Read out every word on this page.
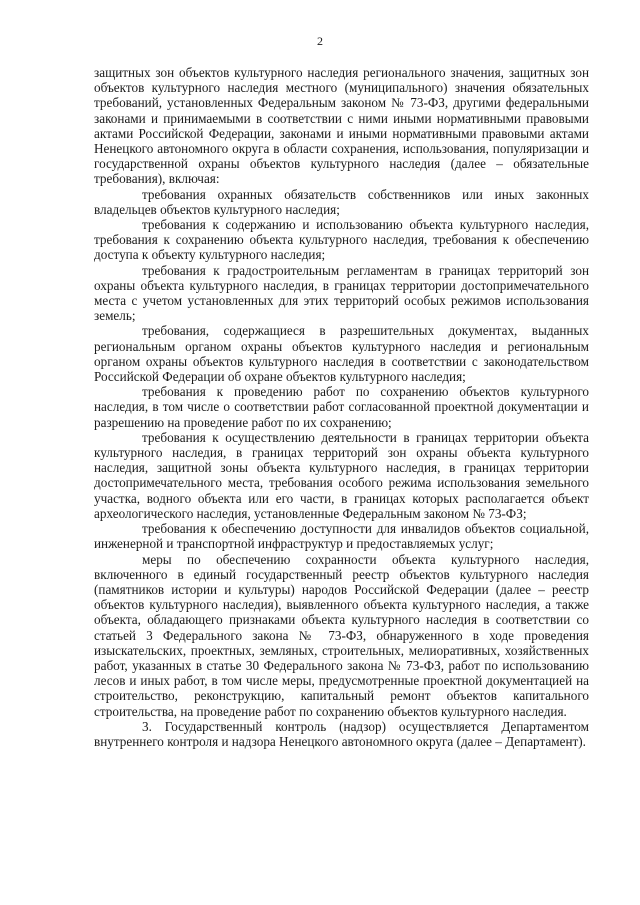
2

защитных зон объектов культурного наследия регионального значения, защитных зон объектов культурного наследия местного (муниципального) значения обязательных требований, установленных Федеральным законом № 73-ФЗ, другими федеральными законами и принимаемыми в соответствии с ними иными нормативными правовыми актами Российской Федерации, законами и иными нормативными правовыми актами Ненецкого автономного округа в области сохранения, использования, популяризации и государственной охраны объектов культурного наследия (далее – обязательные требования), включая:

требования охранных обязательств собственников или иных законных владельцев объектов культурного наследия;

требования к содержанию и использованию объекта культурного наследия, требования к сохранению объекта культурного наследия, требования к обеспечению доступа к объекту культурного наследия;

требования к градостроительным регламентам в границах территорий зон охраны объекта культурного наследия, в границах территории достопримечательного места с учетом установленных для этих территорий особых режимов использования земель;

требования, содержащиеся в разрешительных документах, выданных региональным органом охраны объектов культурного наследия и региональным органом охраны объектов культурного наследия в соответствии с законодательством Российской Федерации об охране объектов культурного наследия;

требования к проведению работ по сохранению объектов культурного наследия, в том числе о соответствии работ согласованной проектной документации и разрешению на проведение работ по их сохранению;

требования к осуществлению деятельности в границах территории объекта культурного наследия, в границах территорий зон охраны объекта культурного наследия, защитной зоны объекта культурного наследия, в границах территории достопримечательного места, требования особого режима использования земельного участка, водного объекта или его части, в границах которых располагается объект археологического наследия, установленные Федеральным законом № 73-ФЗ;

требования к обеспечению доступности для инвалидов объектов социальной, инженерной и транспортной инфраструктур и предоставляемых услуг;

меры по обеспечению сохранности объекта культурного наследия, включенного в единый государственный реестр объектов культурного наследия (памятников истории и культуры) народов Российской Федерации (далее – реестр объектов культурного наследия), выявленного объекта культурного наследия, а также объекта, обладающего признаками объекта культурного наследия в соответствии со статьей 3 Федерального закона № 73-ФЗ, обнаруженного в ходе проведения изыскательских, проектных, земляных, строительных, мелиоративных, хозяйственных работ, указанных в статье 30 Федерального закона № 73-ФЗ, работ по использованию лесов и иных работ, в том числе меры, предусмотренные проектной документацией на строительство, реконструкцию, капитальный ремонт объектов капитального строительства, на проведение работ по сохранению объектов культурного наследия.

3. Государственный контроль (надзор) осуществляется Департаментом внутреннего контроля и надзора Ненецкого автономного округа (далее – Департамент).
